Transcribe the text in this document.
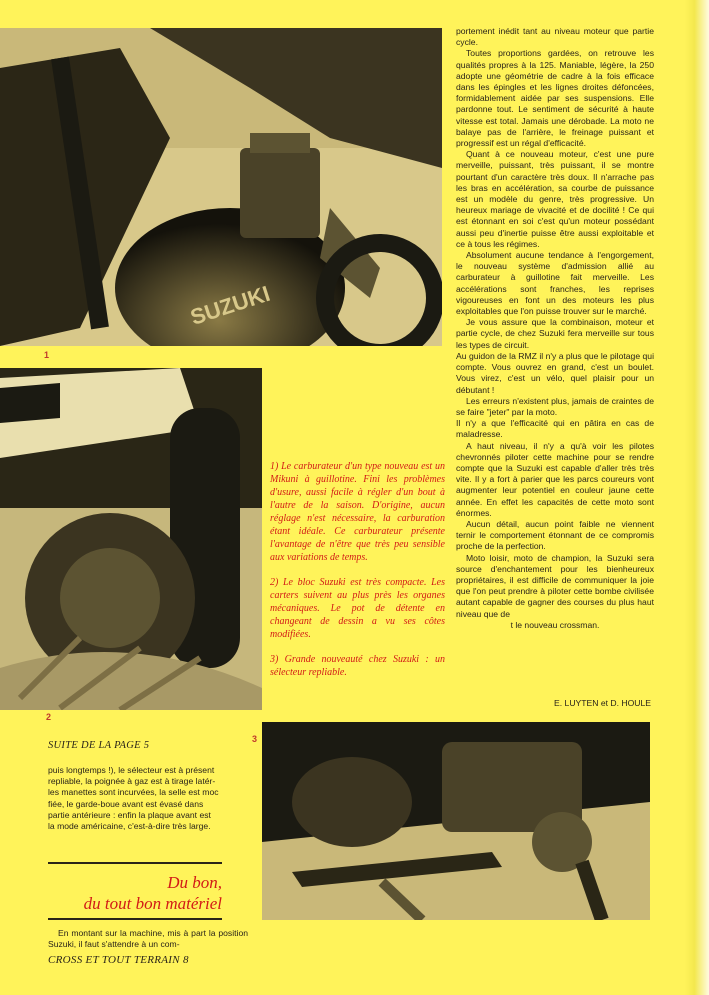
SUZUKI
1
2
3

portement inédit tant au niveau moteur que partie cycle.

Toutes proportions gardées, on retrouve les qualités propres à la 125. Maniable, légère, la 250 adopte une géométrie de cadre à la fois efficace dans les épingles et les lignes droites défoncées, formidablement aidée par ses suspensions. Elle pardonne tout. Le sentiment de sécurité à haute vitesse est total. Jamais une dérobade. La moto ne balaye pas de l'arrière, le freinage puissant et progressif est un régal d'efficacité.

Quant à ce nouveau moteur, c'est une pure merveille, puissant, très puissant, il se montre pourtant d'un caractère très doux. Il n'arrache pas les bras en accélération, sa courbe de puissance est un modèle du genre, très progressive. Un heureux mariage de vivacité et de docilité ! Ce qui est étonnant en soi c'est qu'un moteur possédant aussi peu d'inertie puisse être aussi exploitable et ce à tous les régimes.

Absolument aucune tendance à l'engorgement, le nouveau système d'admission allié au carburateur à guillotine fait merveille. Les accélérations sont franches, les reprises vigoureuses en font un des moteurs les plus exploitables que l'on puisse trouver sur le marché.

Je vous assure que la combinaison, moteur et partie cycle, de chez Suzuki fera merveille sur tous les types de circuit.

Au guidon de la RMZ il n'y a plus que le pilotage qui compte. Vous ouvrez en grand, c'est un boulet. Vous virez, c'est un vélo, quel plaisir pour un débutant !

Les erreurs n'existent plus, jamais de craintes de se faire "jeter" par la moto.

Il n'y a que l'efficacité qui en pâtira en cas de maladresse.

A haut niveau, il n'y a qu'à voir les pilotes chevronnés piloter cette machine pour se rendre compte que la Suzuki est capable d'aller très très vite. Il y a fort à parier que les parcs coureurs vont augmenter leur potentiel en couleur jaune cette année. En effet les capacités de cette moto sont énormes.

Aucun détail, aucun point faible ne viennent ternir le comportement étonnant de ce compromis proche de la perfection.

Moto loisir, moto de champion, la Suzuki sera source d'enchantement pour les bienheureux propriétaires, il est difficile de communiquer la joie que l'on peut prendre à piloter cette bombe civilisée autant capable de gagner des courses du plus haut niveau que de

t le nouveau crossman.

E. LUYTEN et D. HOULE

1) Le carburateur d'un type nouveau est un Mikuni à guillotine. Fini les problèmes d'usure, aussi facile à régler d'un bout à l'autre de la saison. D'origine, aucun réglage n'est nécessaire, la carburation étant idéale. Ce carburateur présente l'avantage de n'être que très peu sensible aux variations de temps.

2) Le bloc Suzuki est très compacte. Les carters suivent au plus près les organes mécaniques. Le pot de détente en changeant de dessin a vu ses côtes modifiées.

3) Grande nouveauté chez Suzuki : un sélecteur repliable.

SUITE DE LA PAGE 5

puis longtemps !), le sélecteur est à présent

repliable, la poignée à gaz est à tirage latér-

les manettes sont incurvées, la selle est moc

fiée, le garde-boue avant est évasé dans

partie antérieure : enfin la plaque avant est

la mode américaine, c'est-à-dire très large.

Du bon,
du tout bon matériel

En montant sur la machine, mis à part la position Suzuki, il faut s'attendre à un com-

CROSS ET TOUT TERRAIN 8
